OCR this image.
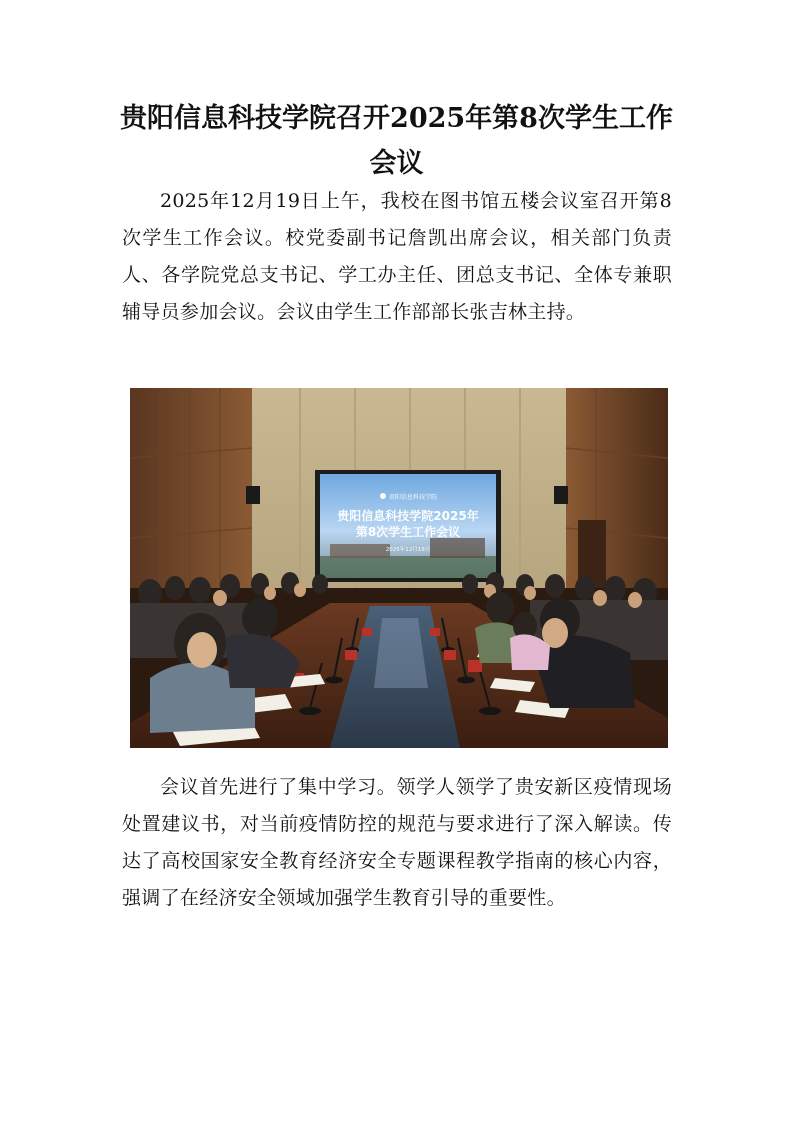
贵阳信息科技学院召开2025年第8次学生工作会议

2025年12月19日上午，我校在图书馆五楼会议室召开第8次学生工作会议。校党委副书记詹凯出席会议，相关部门负责人、各学院党总支书记、学工办主任、团总支书记、全体专兼职辅导员参加会议。会议由学生工作部部长张吉林主持。

贵阳信息科技学院
贵阳信息科技学院2025年
第8次学生工作会议
2025年12月19日

会议首先进行了集中学习。领学人领学了贵安新区疫情现场处置建议书，对当前疫情防控的规范与要求进行了深入解读。传达了高校国家安全教育经济安全专题课程教学指南的核心内容，强调了在经济安全领域加强学生教育引导的重要性。
